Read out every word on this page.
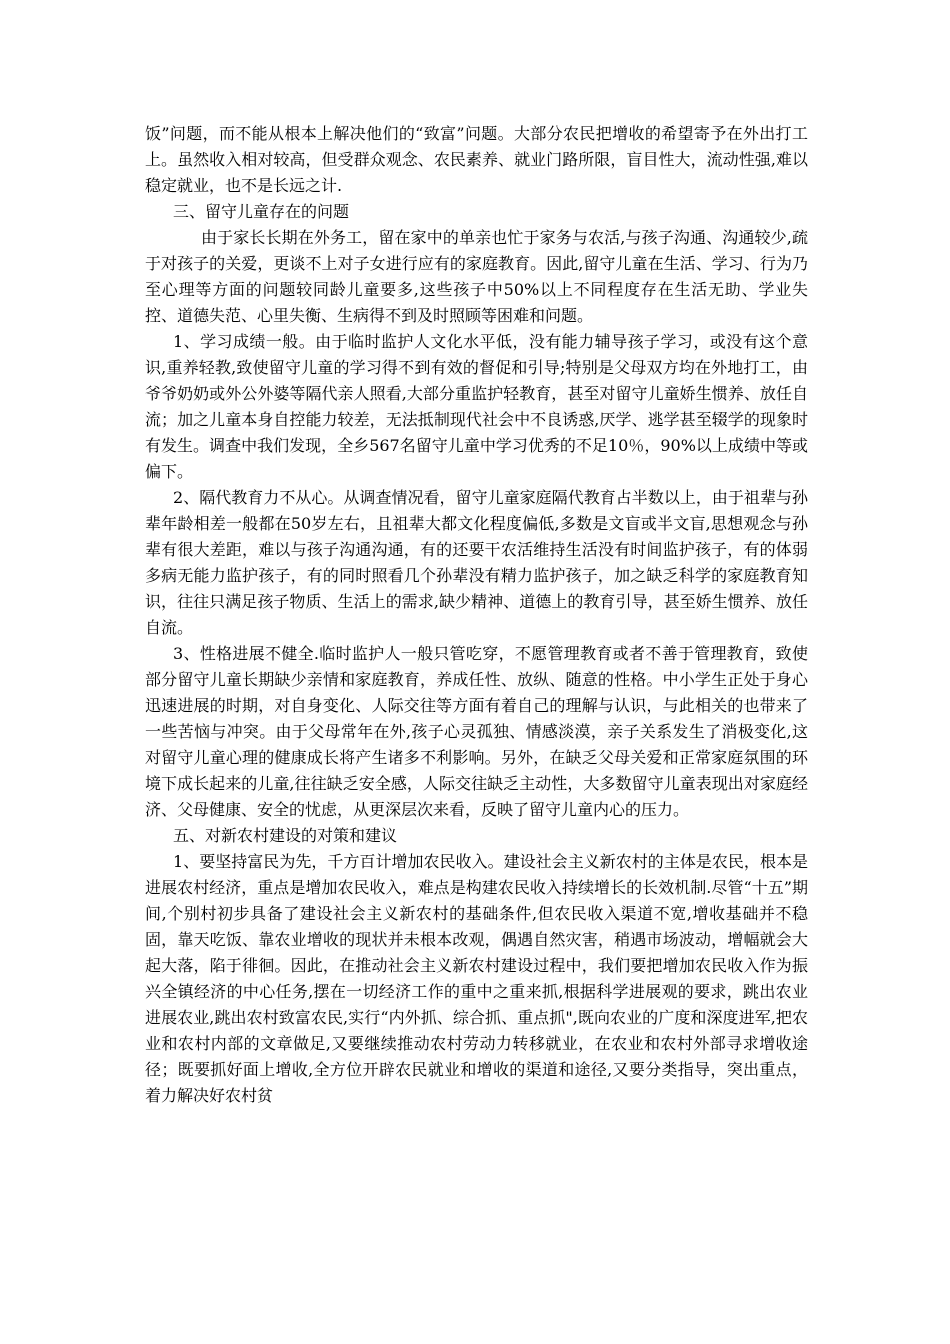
饭”问题，而不能从根本上解决他们的“致富”问题。大部分农民把增收的希望寄予在外出打工上。虽然收入相对较高，但受群众观念、农民素养、就业门路所限，盲目性大，流动性强,难以稳定就业，也不是长远之计.

三、留守儿童存在的问题

由于家长长期在外务工，留在家中的单亲也忙于家务与农活,与孩子沟通、沟通较少,疏于对孩子的关爱，更谈不上对子女进行应有的家庭教育。因此,留守儿童在生活、学习、行为乃至心理等方面的问题较同龄儿童要多,这些孩子中50%以上不同程度存在生活无助、学业失控、道德失范、心里失衡、生病得不到及时照顾等困难和问题。

1、学习成绩一般。由于临时监护人文化水平低，没有能力辅导孩子学习，或没有这个意识,重养轻教,致使留守儿童的学习得不到有效的督促和引导;特别是父母双方均在外地打工，由爷爷奶奶或外公外婆等隔代亲人照看,大部分重监护轻教育，甚至对留守儿童娇生惯养、放任自流；加之儿童本身自控能力较差，无法抵制现代社会中不良诱惑,厌学、逃学甚至辍学的现象时有发生。调查中我们发现，全乡567名留守儿童中学习优秀的不足10％，90%以上成绩中等或偏下。

2、隔代教育力不从心。从调查情况看，留守儿童家庭隔代教育占半数以上，由于祖辈与孙辈年龄相差一般都在50岁左右，且祖辈大都文化程度偏低,多数是文盲或半文盲,思想观念与孙辈有很大差距，难以与孩子沟通沟通，有的还要干农活维持生活没有时间监护孩子，有的体弱多病无能力监护孩子，有的同时照看几个孙辈没有精力监护孩子，加之缺乏科学的家庭教育知识，往往只满足孩子物质、生活上的需求,缺少精神、道德上的教育引导，甚至娇生惯养、放任自流。

3、性格进展不健全.临时监护人一般只管吃穿，不愿管理教育或者不善于管理教育，致使部分留守儿童长期缺少亲情和家庭教育，养成任性、放纵、随意的性格。中小学生正处于身心迅速进展的时期，对自身变化、人际交往等方面有着自己的理解与认识，与此相关的也带来了一些苦恼与冲突。由于父母常年在外,孩子心灵孤独、情感淡漠，亲子关系发生了消极变化,这对留守儿童心理的健康成长将产生诸多不利影响。另外，在缺乏父母关爱和正常家庭氛围的环境下成长起来的儿童,往往缺乏安全感，人际交往缺乏主动性，大多数留守儿童表现出对家庭经济、父母健康、安全的忧虑，从更深层次来看，反映了留守儿童内心的压力。

五、对新农村建设的对策和建议

1、要坚持富民为先，千方百计增加农民收入。建设社会主义新农村的主体是农民，根本是进展农村经济，重点是增加农民收入，难点是构建农民收入持续增长的长效机制.尽管“十五”期间,个别村初步具备了建设社会主义新农村的基础条件,但农民收入渠道不宽,增收基础并不稳固，靠天吃饭、靠农业增收的现状并未根本改观，偶遇自然灾害，稍遇市场波动，增幅就会大起大落，陷于徘徊。因此，在推动社会主义新农村建设过程中，我们要把增加农民收入作为振兴全镇经济的中心任务,摆在一切经济工作的重中之重来抓,根据科学进展观的要求，跳出农业进展农业,跳出农村致富农民,实行“内外抓、综合抓、重点抓",既向农业的广度和深度进军,把农业和农村内部的文章做足,又要继续推动农村劳动力转移就业，在农业和农村外部寻求增收途径；既要抓好面上增收,全方位开辟农民就业和增收的渠道和途径,又要分类指导，突出重点，着力解决好农村贫
